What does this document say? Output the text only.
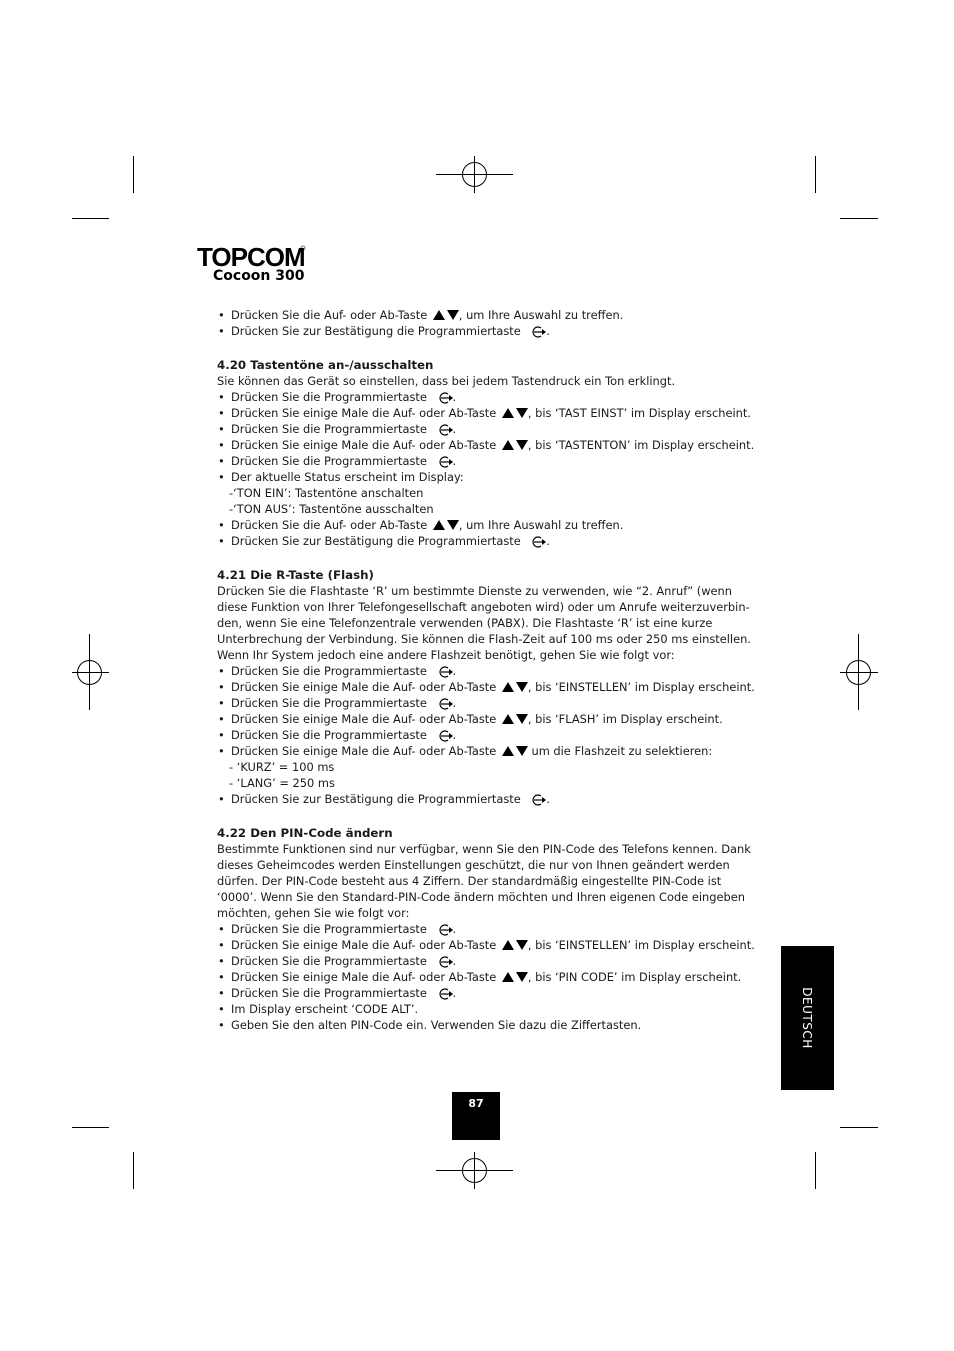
TOPCOM
Cocoon 300
• Drücken Sie die Auf- oder Ab-Taste , um Ihre Auswahl zu treffen.
• Drücken Sie zur Bestätigung die Programmiertaste .
4.20 Tastentöne an-/ausschalten
Sie können das Gerät so einstellen, dass bei jedem Tastendruck ein Ton erklingt.
• Drücken Sie die Programmiertaste .
• Drücken Sie einige Male die Auf- oder Ab-Taste , bis ‘TAST EINST’ im Display erscheint.
• Drücken Sie die Programmiertaste .
• Drücken Sie einige Male die Auf- oder Ab-Taste , bis ‘TASTENTON’ im Display erscheint.
• Drücken Sie die Programmiertaste .
• Der aktuelle Status erscheint im Display:
-‘TON EIN’: Tastentöne anschalten
-‘TON AUS’: Tastentöne ausschalten
• Drücken Sie die Auf- oder Ab-Taste , um Ihre Auswahl zu treffen.
• Drücken Sie zur Bestätigung die Programmiertaste .
4.21 Die R-Taste (Flash)
Drücken Sie die Flashtaste ‘R’ um bestimmte Dienste zu verwenden, wie “2. Anruf” (wenn
diese Funktion von Ihrer Telefongesellschaft angeboten wird) oder um Anrufe weiterzuverbin-
den, wenn Sie eine Telefonzentrale verwenden (PABX). Die Flashtaste ‘R’ ist eine kurze
Unterbrechung der Verbindung. Sie können die Flash-Zeit auf 100 ms oder 250 ms einstellen.
Wenn Ihr System jedoch eine andere Flashzeit benötigt, gehen Sie wie folgt vor:
• Drücken Sie die Programmiertaste .
• Drücken Sie einige Male die Auf- oder Ab-Taste , bis ‘EINSTELLEN’ im Display erscheint.
• Drücken Sie die Programmiertaste .
• Drücken Sie einige Male die Auf- oder Ab-Taste , bis ‘FLASH’ im Display erscheint.
• Drücken Sie die Programmiertaste .
• Drücken Sie einige Male die Auf- oder Ab-Taste  um die Flashzeit zu selektieren:
- ‘KURZ’ = 100 ms
- ‘LANG’ = 250 ms
• Drücken Sie zur Bestätigung die Programmiertaste .
4.22 Den PIN-Code ändern
Bestimmte Funktionen sind nur verfügbar, wenn Sie den PIN-Code des Telefons kennen. Dank
dieses Geheimcodes werden Einstellungen geschützt, die nur von Ihnen geändert werden
dürfen. Der PIN-Code besteht aus 4 Ziffern. Der standardmäßig eingestellte PIN-Code ist
‘0000’. Wenn Sie den Standard-PIN-Code ändern möchten und Ihren eigenen Code eingeben
möchten, gehen Sie wie folgt vor:
• Drücken Sie die Programmiertaste .
• Drücken Sie einige Male die Auf- oder Ab-Taste , bis ‘EINSTELLEN’ im Display erscheint.
• Drücken Sie die Programmiertaste .
• Drücken Sie einige Male die Auf- oder Ab-Taste , bis ‘PIN CODE’ im Display erscheint.
• Drücken Sie die Programmiertaste .
• Im Display erscheint ‘CODE ALT’.
• Geben Sie den alten PIN-Code ein. Verwenden Sie dazu die Ziffertasten.	DEUTSCH
87
